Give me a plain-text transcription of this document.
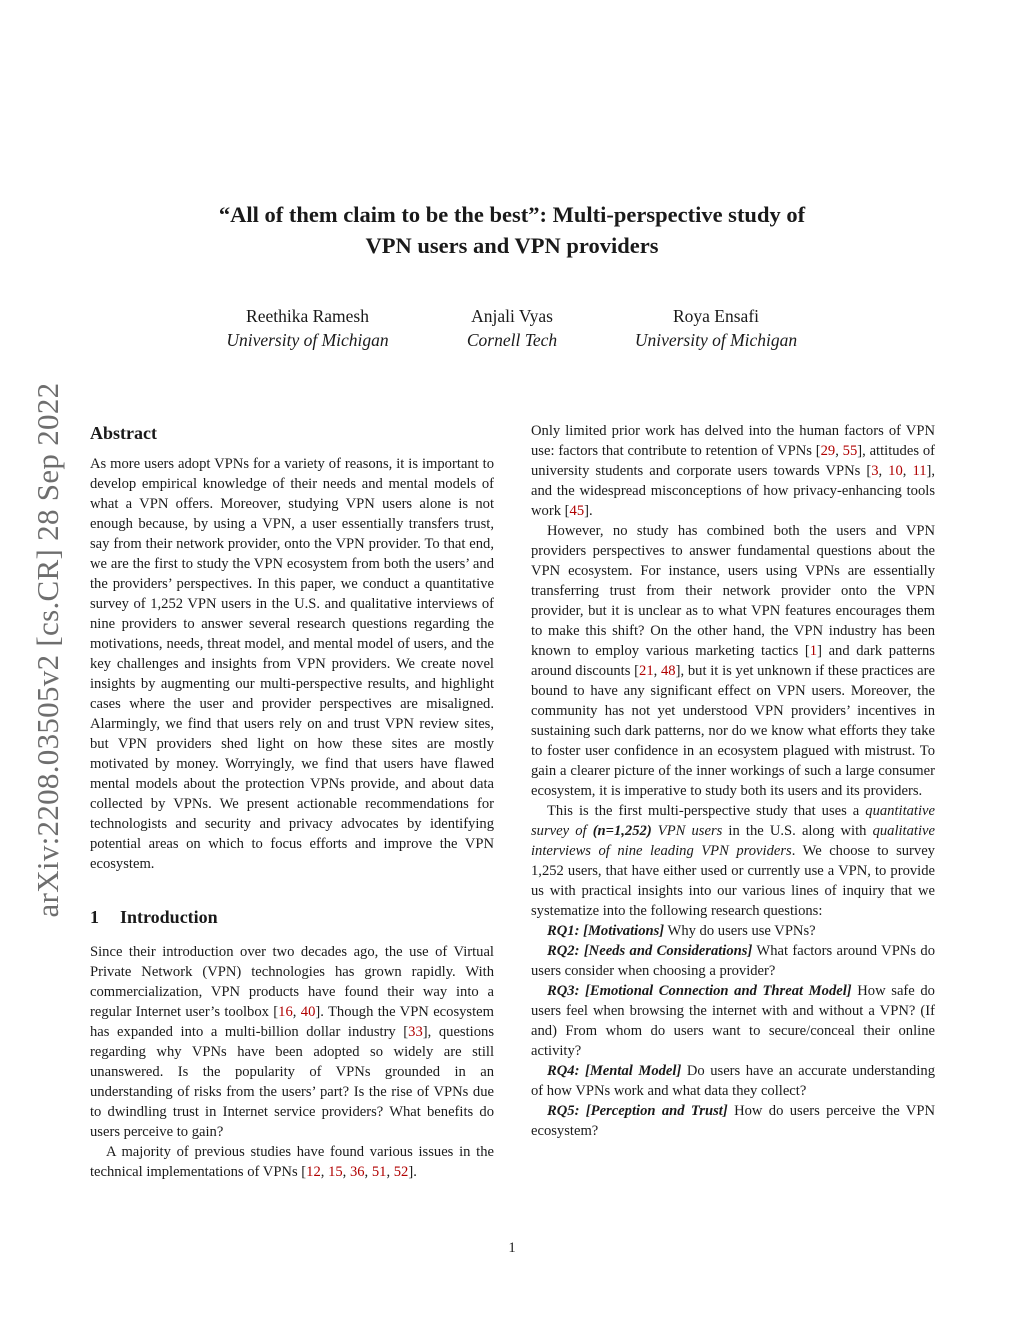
arXiv:2208.03505v2 [cs.CR] 28 Sep 2022
“All of them claim to be the best”: Multi-perspective study of
VPN users and VPN providers
Reethika Ramesh
University of Michigan
Anjali Vyas
Cornell Tech
Roya Ensafi
University of Michigan
Abstract

As more users adopt VPNs for a variety of reasons, it is important to develop empirical knowledge of their needs and mental models of what a VPN offers. Moreover, studying VPN users alone is not enough because, by using a VPN, a user essentially transfers trust, say from their network provider, onto the VPN provider. To that end, we are the first to study the VPN ecosystem from both the users’ and the providers’ perspectives. In this paper, we conduct a quantitative survey of 1,252 VPN users in the U.S. and qualitative interviews of nine providers to answer several research questions regarding the motivations, needs, threat model, and mental model of users, and the key challenges and insights from VPN providers. We create novel insights by augmenting our multi-perspective results, and highlight cases where the user and provider perspectives are misaligned. Alarmingly, we find that users rely on and trust VPN review sites, but VPN providers shed light on how these sites are mostly motivated by money. Worryingly, we find that users have flawed mental models about the protection VPNs provide, and about data collected by VPNs. We present actionable recommendations for technologists and security and privacy advocates by identifying potential areas on which to focus efforts and improve the VPN ecosystem.

1 Introduction

Since their introduction over two decades ago, the use of Virtual Private Network (VPN) technologies has grown rapidly. With commercialization, VPN products have found their way into a regular Internet user’s toolbox [16, 40]. Though the VPN ecosystem has expanded into a multi-billion dollar industry [33], questions regarding why VPNs have been adopted so widely are still unanswered. Is the popularity of VPNs grounded in an understanding of risks from the users’ part? Is the rise of VPNs due to dwindling trust in Internet service providers? What benefits do users perceive to gain?

A majority of previous studies have found various issues in the technical implementations of VPNs [12, 15, 36, 51, 52].

Only limited prior work has delved into the human factors of VPN use: factors that contribute to retention of VPNs [29, 55], attitudes of university students and corporate users towards VPNs [3, 10, 11], and the widespread misconceptions of how privacy-enhancing tools work [45].

However, no study has combined both the users and VPN providers perspectives to answer fundamental questions about the VPN ecosystem. For instance, users using VPNs are essentially transferring trust from their network provider onto the VPN provider, but it is unclear as to what VPN features encourages them to make this shift? On the other hand, the VPN industry has been known to employ various marketing tactics [1] and dark patterns around discounts [21, 48], but it is yet unknown if these practices are bound to have any significant effect on VPN users. Moreover, the community has not yet understood VPN providers’ incentives in sustaining such dark patterns, nor do we know what efforts they take to foster user confidence in an ecosystem plagued with mistrust. To gain a clearer picture of the inner workings of such a large consumer ecosystem, it is imperative to study both its users and its providers.

This is the first multi-perspective study that uses a quantitative survey of (n=1,252) VPN users in the U.S. along with qualitative interviews of nine leading VPN providers. We choose to survey 1,252 users, that have either used or currently use a VPN, to provide us with practical insights into our various lines of inquiry that we systematize into the following research questions:

RQ1: [Motivations] Why do users use VPNs?

RQ2: [Needs and Considerations] What factors around VPNs do users consider when choosing a provider?

RQ3: [Emotional Connection and Threat Model] How safe do users feel when browsing the internet with and without a VPN? (If and) From whom do users want to secure/conceal their online activity?

RQ4: [Mental Model] Do users have an accurate understanding of how VPNs work and what data they collect?

RQ5: [Perception and Trust] How do users perceive the VPN ecosystem?

1
